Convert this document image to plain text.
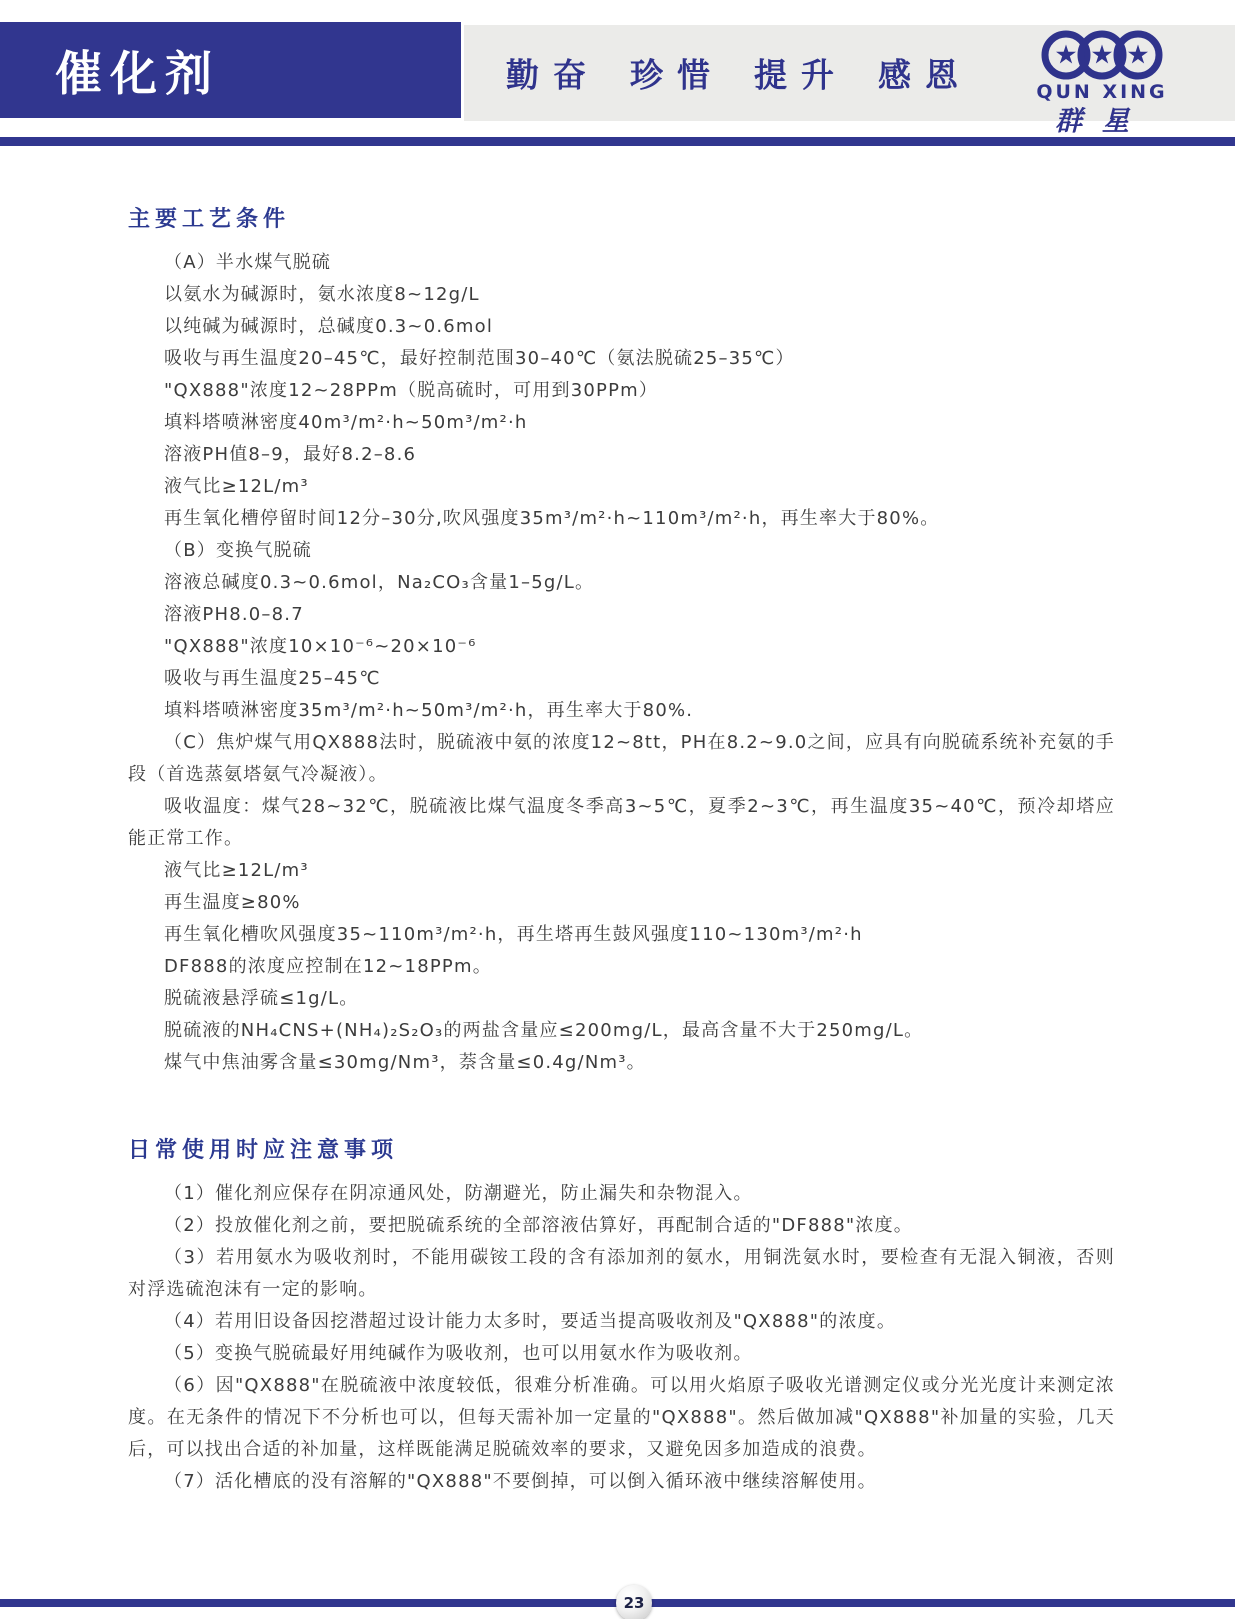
催化剂	勤奋 珍惜 提升 感恩	QUN XING
群星
主要工艺条件

（A）半水煤气脱硫

以氨水为碱源时，氨水浓度8~12g/L

以纯碱为碱源时，总碱度0.3~0.6mol

吸收与再生温度20–45℃，最好控制范围30–40℃（氨法脱硫25–35℃）

"QX888"浓度12~28PPm（脱高硫时，可用到30PPm）

填料塔喷淋密度40m³/m²·h~50m³/m²·h

溶液PH值8–9，最好8.2–8.6

液气比≥12L/m³

再生氧化槽停留时间12分–30分,吹风强度35m³/m²·h~110m³/m²·h，再生率大于80%。

（B）变换气脱硫

溶液总碱度0.3~0.6mol，Na₂CO₃含量1–5g/L。

溶液PH8.0–8.7

"QX888"浓度10×10⁻⁶~20×10⁻⁶

吸收与再生温度25–45℃

填料塔喷淋密度35m³/m²·h~50m³/m²·h，再生率大于80%.

（C）焦炉煤气用QX888法时，脱硫液中氨的浓度12~8tt，PH在8.2~9.0之间，应具有向脱硫系统补充氨的手段（首选蒸氨塔氨气冷凝液）。

吸收温度：煤气28~32℃，脱硫液比煤气温度冬季高3~5℃，夏季2~3℃，再生温度35~40℃，预冷却塔应能正常工作。

液气比≥12L/m³

再生温度≥80%

再生氧化槽吹风强度35~110m³/m²·h，再生塔再生鼓风强度110~130m³/m²·h

DF888的浓度应控制在12~18PPm。

脱硫液悬浮硫≤1g/L。

脱硫液的NH₄CNS+(NH₄)₂S₂O₃的两盐含量应≤200mg/L，最高含量不大于250mg/L。

煤气中焦油雾含量≤30mg/Nm³，萘含量≤0.4g/Nm³。

日常使用时应注意事项

（1）催化剂应保存在阴凉通风处，防潮避光，防止漏失和杂物混入。

（2）投放催化剂之前，要把脱硫系统的全部溶液估算好，再配制合适的"DF888"浓度。

（3）若用氨水为吸收剂时，不能用碳铵工段的含有添加剂的氨水，用铜洗氨水时，要检查有无混入铜液，否则对浮选硫泡沫有一定的影响。

（4）若用旧设备因挖潜超过设计能力太多时，要适当提高吸收剂及"QX888"的浓度。

（5）变换气脱硫最好用纯碱作为吸收剂，也可以用氨水作为吸收剂。

（6）因"QX888"在脱硫液中浓度较低，很难分析准确。可以用火焰原子吸收光谱测定仪或分光光度计来测定浓度。在无条件的情况下不分析也可以，但每天需补加一定量的"QX888"。然后做加减"QX888"补加量的实验，几天后，可以找出合适的补加量，这样既能满足脱硫效率的要求，又避免因多加造成的浪费。

（7）活化槽底的没有溶解的"QX888"不要倒掉，可以倒入循环液中继续溶解使用。

23
